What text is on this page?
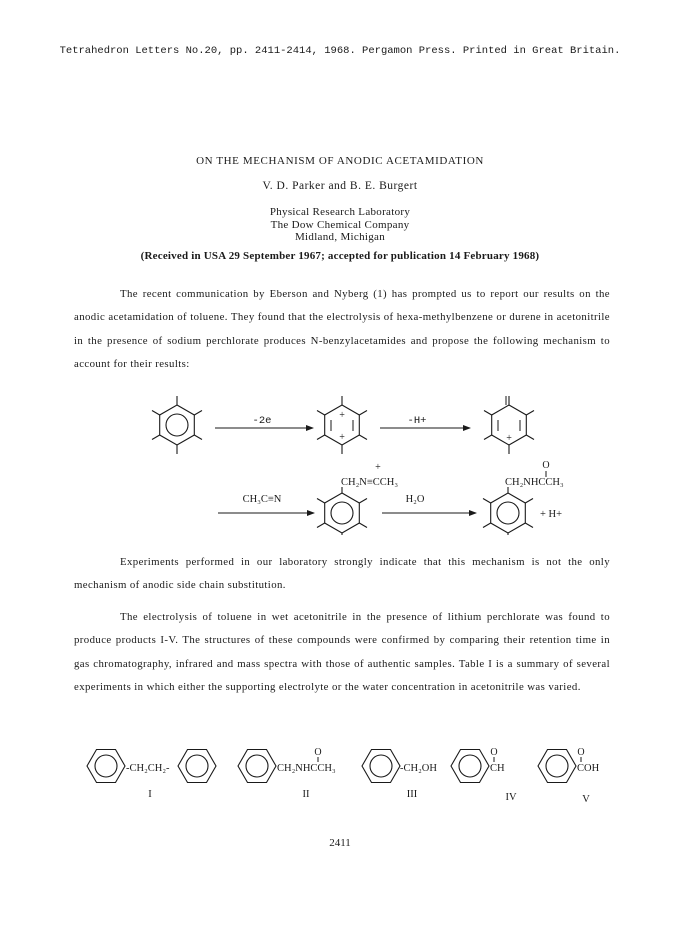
Tetrahedron Letters No.20, pp. 2411-2414, 1968. Pergamon Press. Printed in Great Britain.
ON THE MECHANISM OF ANODIC ACETAMIDATION
V. D. Parker and B. E. Burgert
Physical Research Laboratory
The Dow Chemical Company
Midland, Michigan
(Received in USA 29 September 1967; accepted for publication 14 February 1968)

The recent communication by Eberson and Nyberg (1) has prompted us to report our results on the anodic acetamidation of toluene. They found that the electrolysis of hexa-methylbenzene or durene in acetonitrile in the presence of sodium perchlorate produces N-benzylacetamides and propose the following mechanism to account for their results:

-2e	+
+
-H+
+
CH₃C≡N
+
CH₂N≡CCH₃
H₂O
O
CH₂NHCCH₃
+ H+

Experiments performed in our laboratory strongly indicate that this mechanism is not the only mechanism of anodic side chain substitution.

The electrolysis of toluene in wet acetonitrile in the presence of lithium perchlorate was found to produce products I-V. The structures of these compounds were confirmed by comparing their retention time in gas chromatography, infrared and mass spectra with those of authentic samples. Table I is a summary of several experiments in which either the supporting electrolyte or the water concentration in acetonitrile was varied.

-CH₂CH₂-
I
CH₂NHCCH₃
O
II
-CH₂OH
III
CH
O
IV
COH
O
V
2411
